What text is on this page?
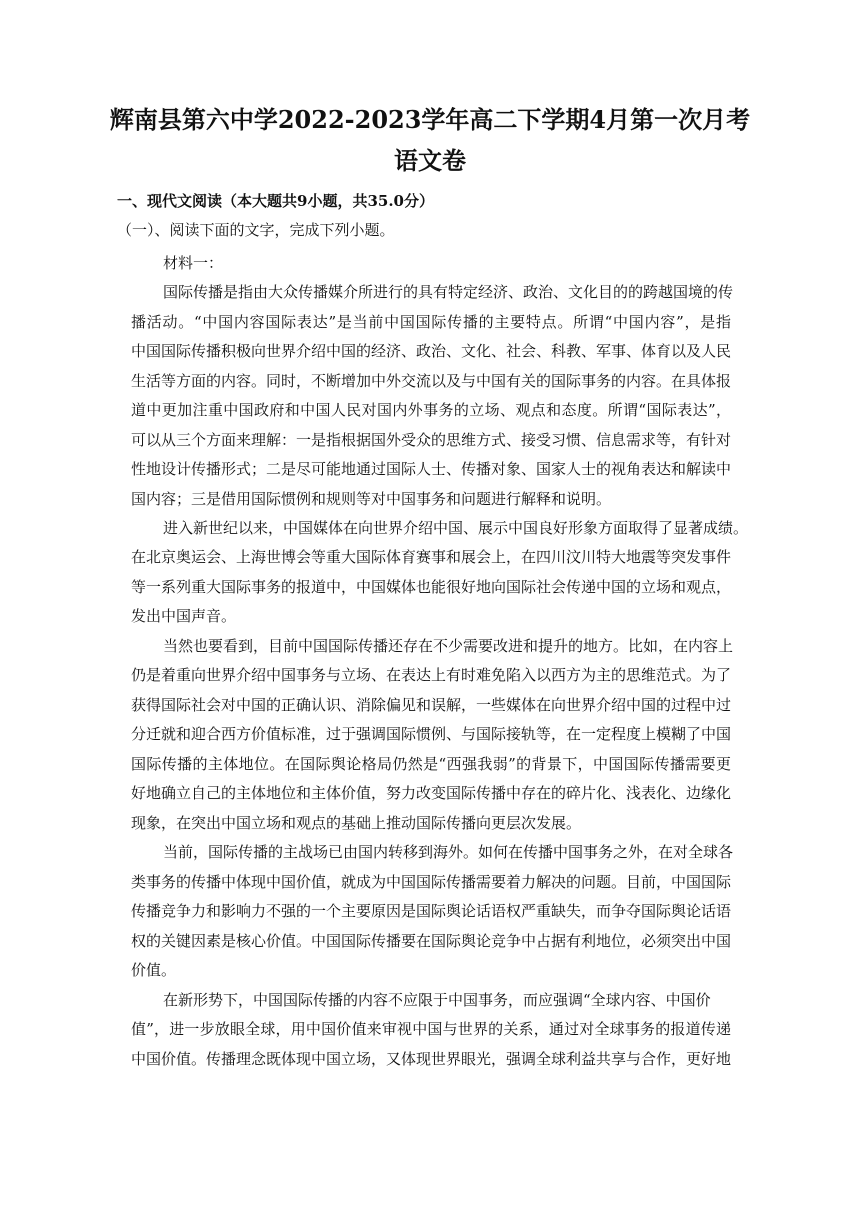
辉南县第六中学2022-2023学年高二下学期4月第一次月考
语文卷
一、现代文阅读（本大题共9小题，共35.0分）
（一）、阅读下面的文字，完成下列小题。
材料一：
国际传播是指由大众传播媒介所进行的具有特定经济、政治、文化目的的跨越国境的传
播活动。“中国内容国际表达”是当前中国国际传播的主要特点。所谓“中国内容”，是指
中国国际传播积极向世界介绍中国的经济、政治、文化、社会、科教、军事、体育以及人民
生活等方面的内容。同时，不断增加中外交流以及与中国有关的国际事务的内容。在具体报
道中更加注重中国政府和中国人民对国内外事务的立场、观点和态度。所谓“国际表达”，
可以从三个方面来理解：一是指根据国外受众的思维方式、接受习惯、信息需求等，有针对
性地设计传播形式；二是尽可能地通过国际人士、传播对象、国家人士的视角表达和解读中
国内容；三是借用国际惯例和规则等对中国事务和问题进行解释和说明。
进入新世纪以来，中国媒体在向世界介绍中国、展示中国良好形象方面取得了显著成绩。
在北京奥运会、上海世博会等重大国际体育赛事和展会上，在四川汶川特大地震等突发事件
等一系列重大国际事务的报道中，中国媒体也能很好地向国际社会传递中国的立场和观点，
发出中国声音。
当然也要看到，目前中国国际传播还存在不少需要改进和提升的地方。比如，在内容上
仍是着重向世界介绍中国事务与立场、在表达上有时难免陷入以西方为主的思维范式。为了
获得国际社会对中国的正确认识、消除偏见和误解，一些媒体在向世界介绍中国的过程中过
分迁就和迎合西方价值标准，过于强调国际惯例、与国际接轨等，在一定程度上模糊了中国
国际传播的主体地位。在国际舆论格局仍然是“西强我弱”的背景下，中国国际传播需要更
好地确立自己的主体地位和主体价值，努力改变国际传播中存在的碎片化、浅表化、边缘化
现象，在突出中国立场和观点的基础上推动国际传播向更层次发展。
当前，国际传播的主战场已由国内转移到海外。如何在传播中国事务之外，在对全球各
类事务的传播中体现中国价值，就成为中国国际传播需要着力解决的问题。目前，中国国际
传播竞争力和影响力不强的一个主要原因是国际舆论话语权严重缺失，而争夺国际舆论话语
权的关键因素是核心价值。中国国际传播要在国际舆论竞争中占据有利地位，必须突出中国
价值。
在新形势下，中国国际传播的内容不应限于中国事务，而应强调“全球内容、中国价
值”，进一步放眼全球，用中国价值来审视中国与世界的关系，通过对全球事务的报道传递
中国价值。传播理念既体现中国立场，又体现世界眼光，强调全球利益共享与合作，更好地
